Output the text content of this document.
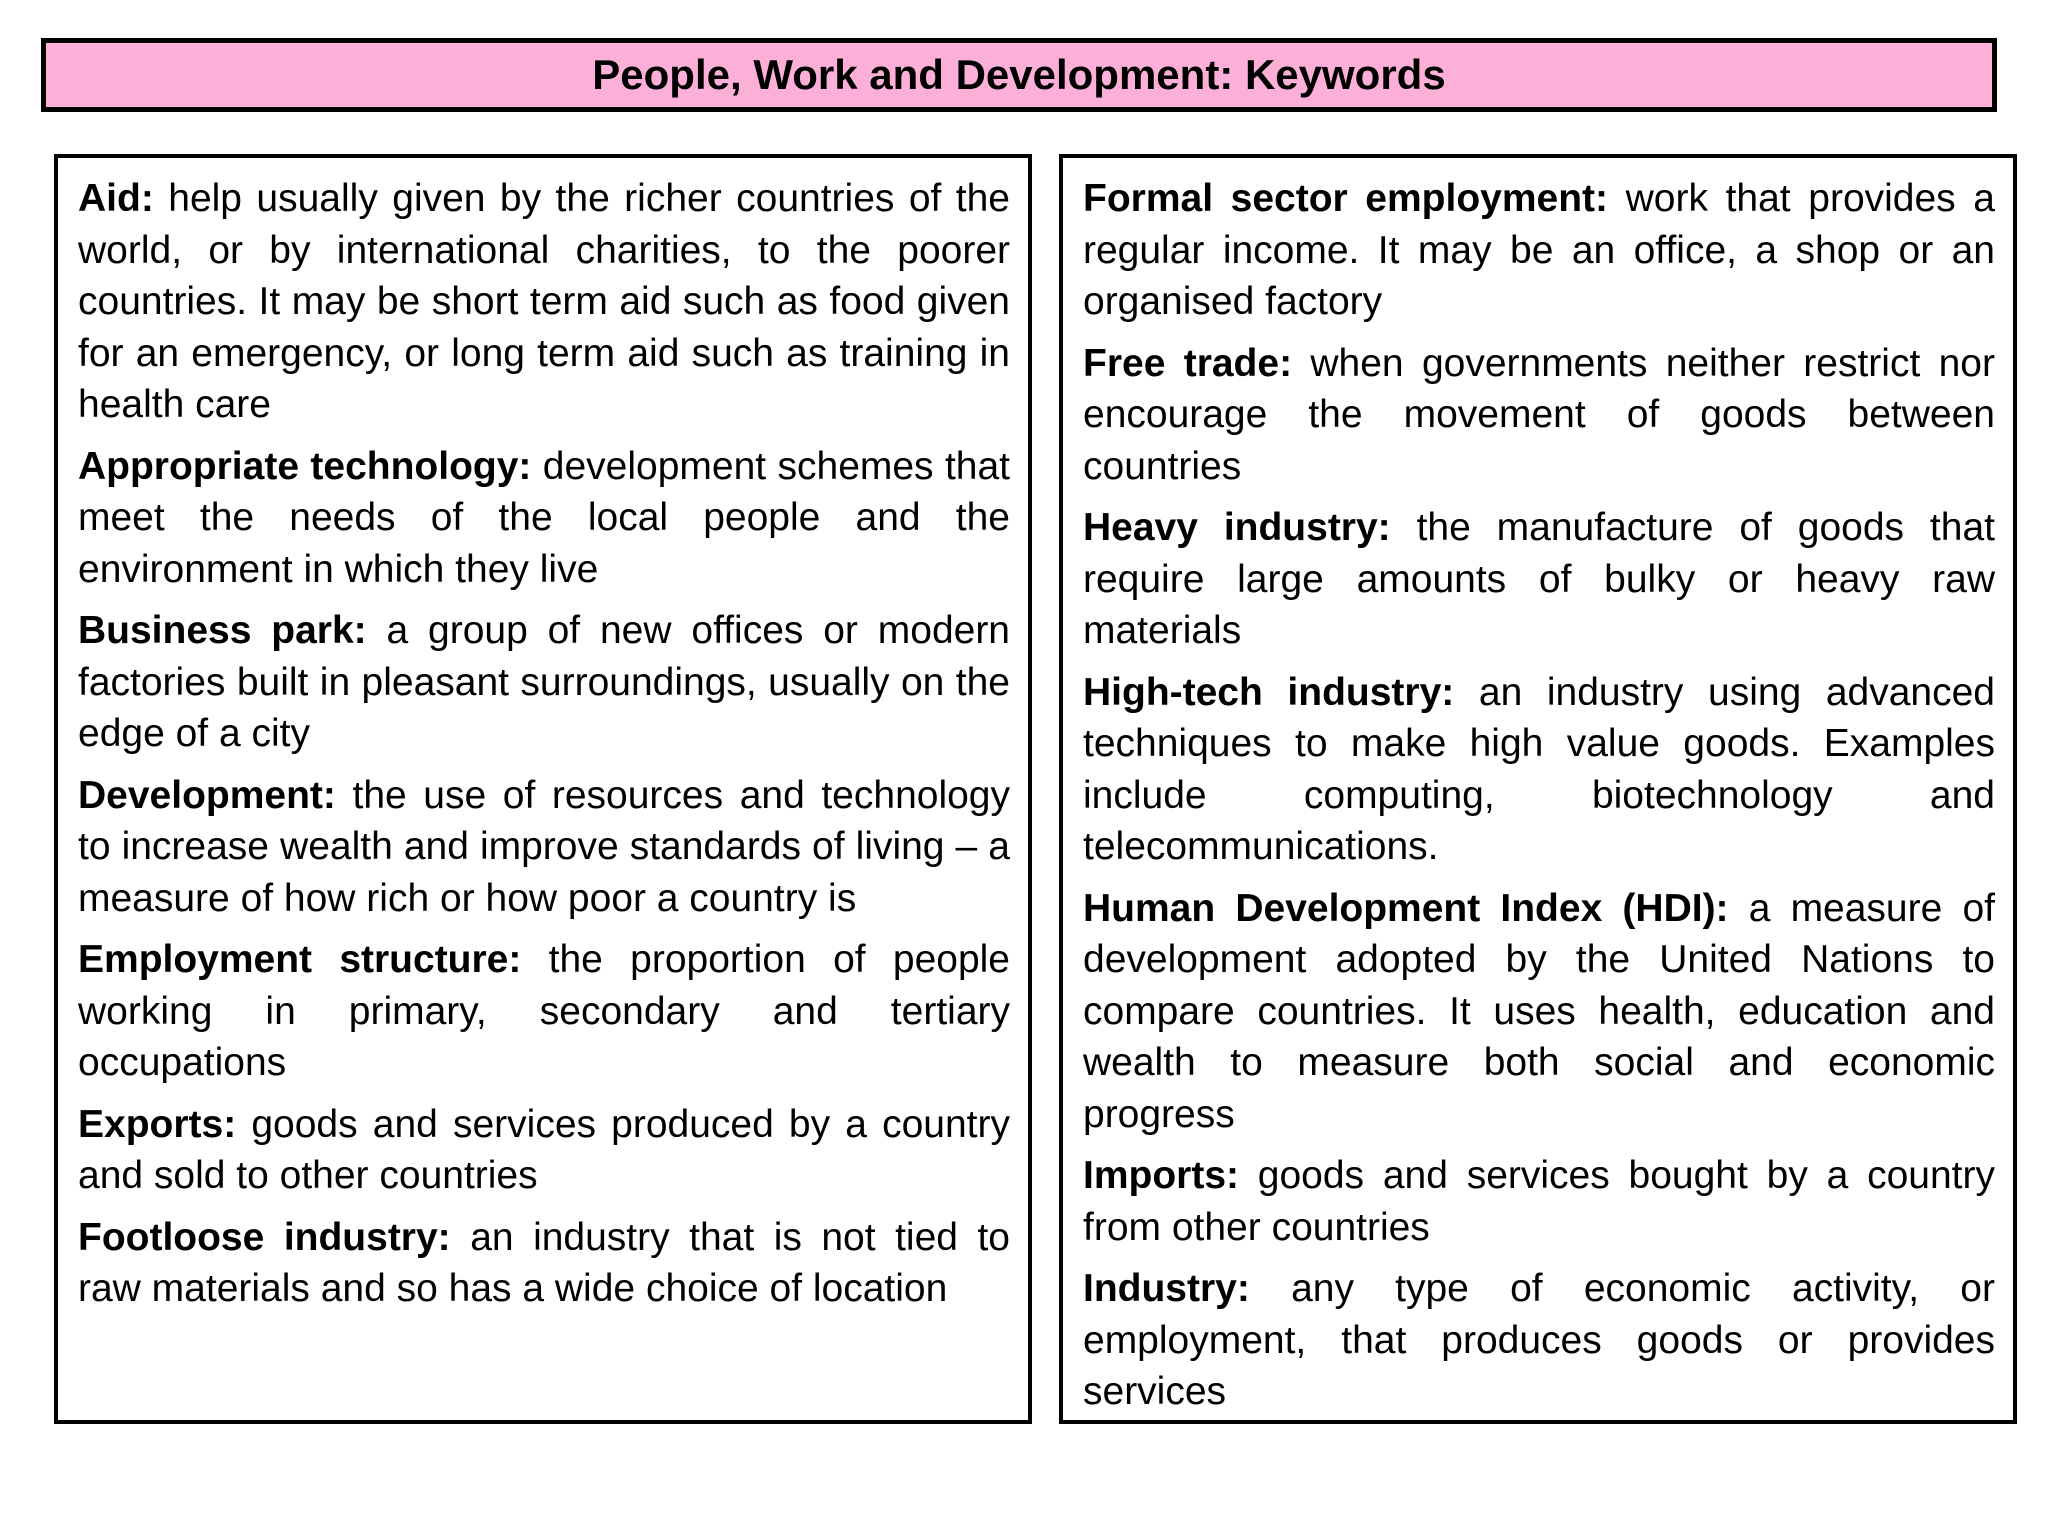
People, Work and Development: Keywords

Aid: help usually given by the richer countries of the world, or by international charities, to the poorer countries. It may be short term aid such as food given for an emergency, or long term aid such as training in health care

Appropriate technology: development schemes that meet the needs of the local people and the environment in which they live

Business park: a group of new offices or modern factories built in pleasant surroundings, usually on the edge of a city

Development: the use of resources and technology to increase wealth and improve standards of living – a measure of how rich or how poor a country is

Employment structure: the proportion of people working in primary, secondary and tertiary occupations

Exports: goods and services produced by a country and sold to other countries

Footloose industry: an industry that is not tied to raw materials and so has a wide choice of location

Formal sector employment: work that provides a regular income. It may be an office, a shop or an organised factory

Free trade: when governments neither restrict nor encourage the movement of goods between countries

Heavy industry: the manufacture of goods that require large amounts of bulky or heavy raw materials

High-tech industry: an industry using advanced techniques to make high value goods. Examples include computing, biotechnology and telecommunications.

Human Development Index (HDI): a measure of development adopted by the United Nations to compare countries. It uses health, education and wealth to measure both social and economic progress

Imports: goods and services bought by a country from other countries

Industry: any type of economic activity, or employment, that produces goods or provides services
